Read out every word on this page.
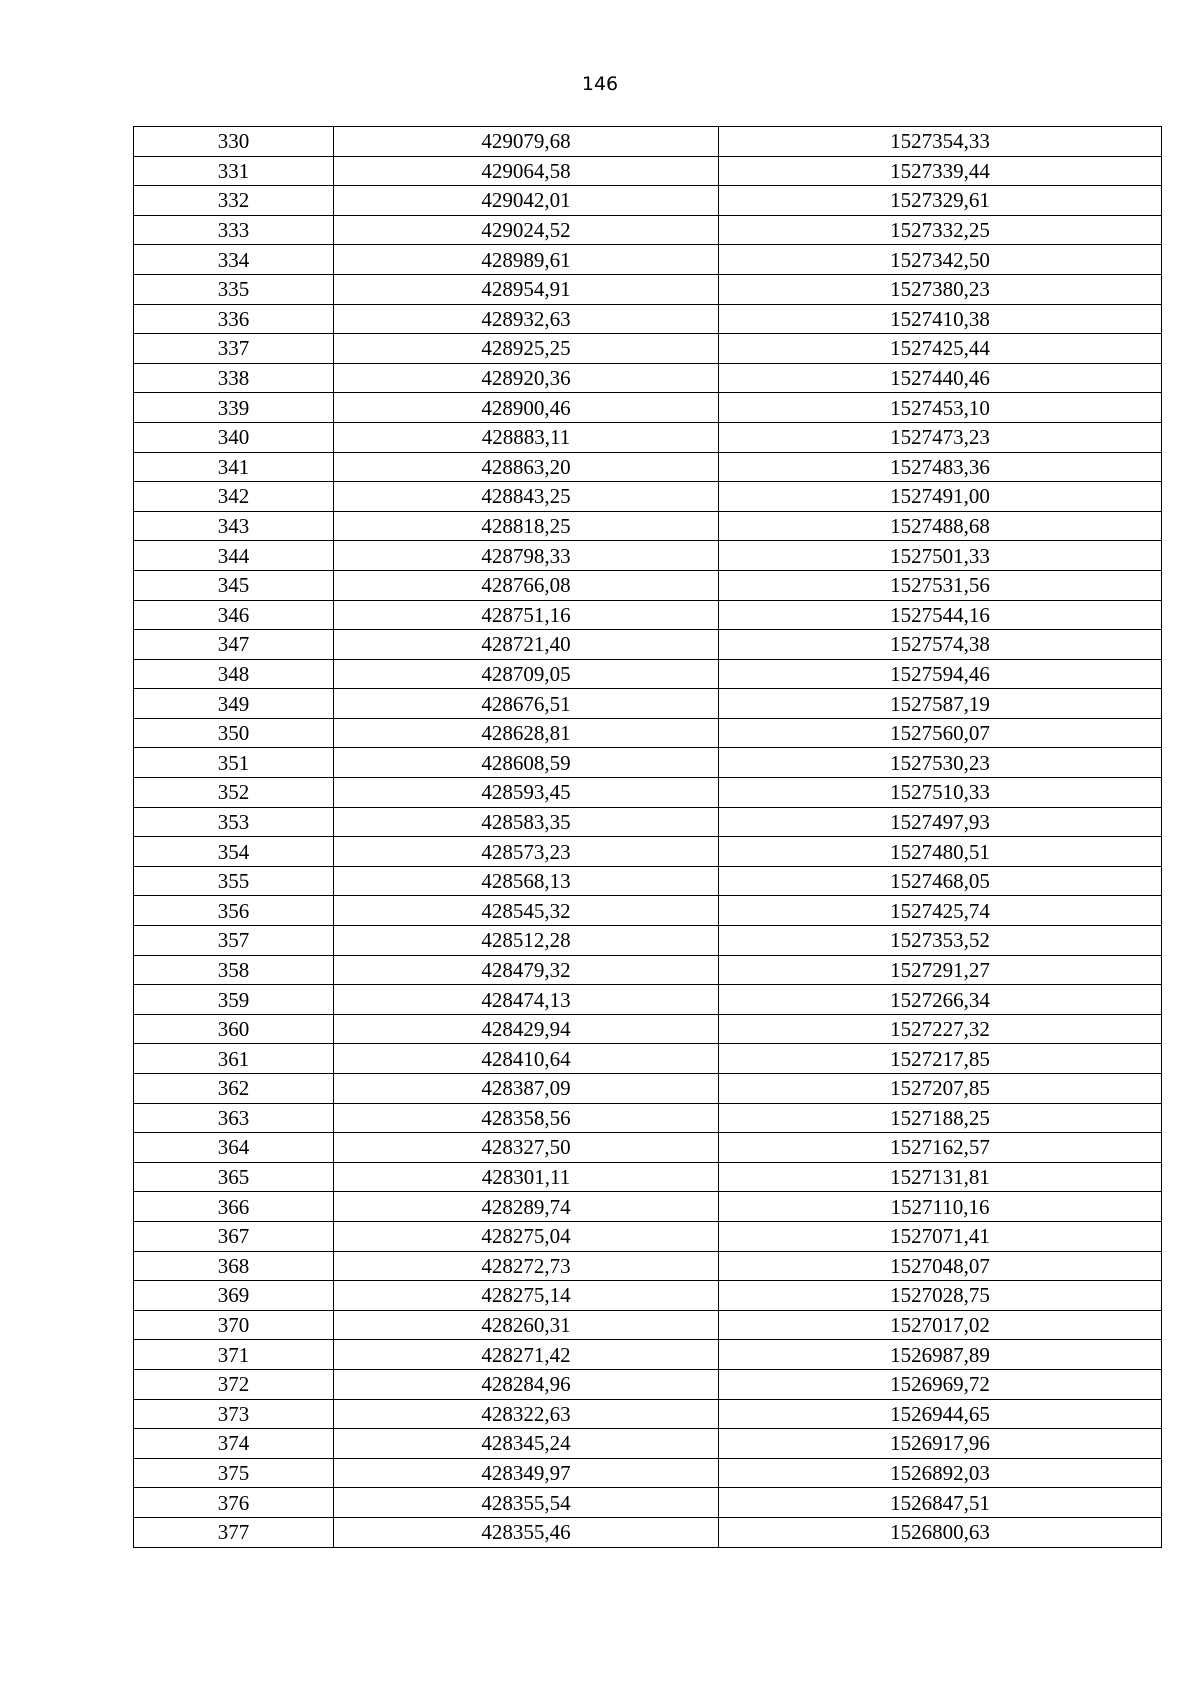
146
330	429079,68	1527354,33
331	429064,58	1527339,44
332	429042,01	1527329,61
333	429024,52	1527332,25
334	428989,61	1527342,50
335	428954,91	1527380,23
336	428932,63	1527410,38
337	428925,25	1527425,44
338	428920,36	1527440,46
339	428900,46	1527453,10
340	428883,11	1527473,23
341	428863,20	1527483,36
342	428843,25	1527491,00
343	428818,25	1527488,68
344	428798,33	1527501,33
345	428766,08	1527531,56
346	428751,16	1527544,16
347	428721,40	1527574,38
348	428709,05	1527594,46
349	428676,51	1527587,19
350	428628,81	1527560,07
351	428608,59	1527530,23
352	428593,45	1527510,33
353	428583,35	1527497,93
354	428573,23	1527480,51
355	428568,13	1527468,05
356	428545,32	1527425,74
357	428512,28	1527353,52
358	428479,32	1527291,27
359	428474,13	1527266,34
360	428429,94	1527227,32
361	428410,64	1527217,85
362	428387,09	1527207,85
363	428358,56	1527188,25
364	428327,50	1527162,57
365	428301,11	1527131,81
366	428289,74	1527110,16
367	428275,04	1527071,41
368	428272,73	1527048,07
369	428275,14	1527028,75
370	428260,31	1527017,02
371	428271,42	1526987,89
372	428284,96	1526969,72
373	428322,63	1526944,65
374	428345,24	1526917,96
375	428349,97	1526892,03
376	428355,54	1526847,51
377	428355,46	1526800,63
